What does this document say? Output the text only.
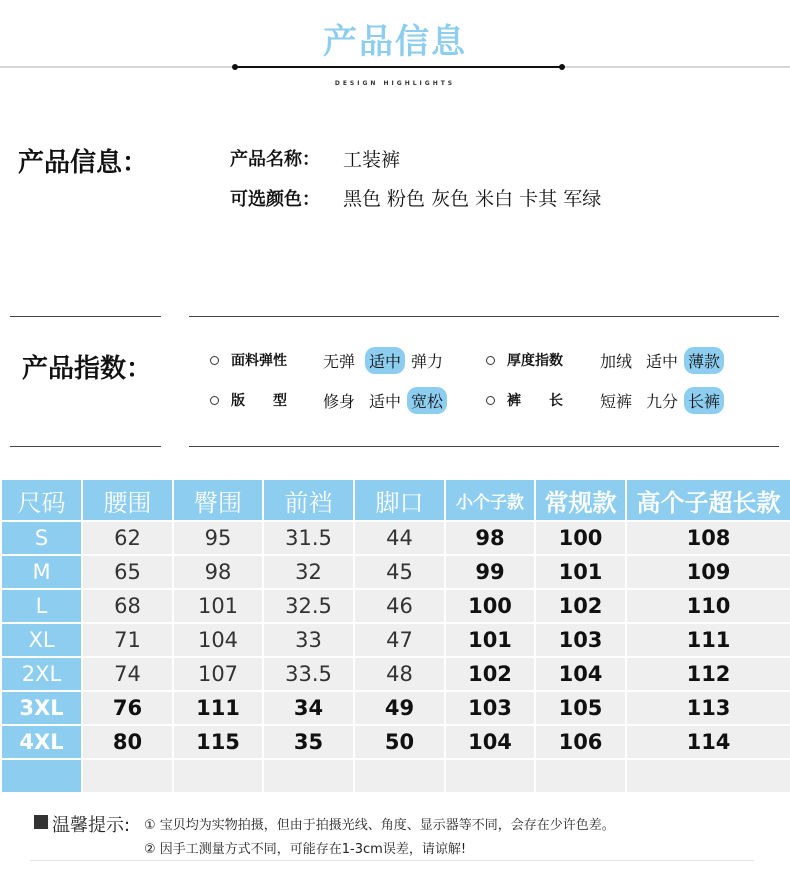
产品信息
DESIGN HIGHLIGHTS
产品信息：	产品名称： 工装裤
可选颜色： 黑色 粉色 灰色 米白 卡其 军绿
产品指数：	面料弹性 无弹 适中 弹力	厚度指数 加绒 适中 薄款
版　　型 修身 适中 宽松	裤　　长 短裤 九分 长裤
尺码	腰围	臀围	前裆	脚口	小个子款	常规款	高个子超长款
S	62	95	31.5	44	98	100	108
M	65	98	32	45	99	101	109
L	68	101	32.5	46	100	102	110
XL	71	104	33	47	101	103	111
2XL	74	107	33.5	48	102	104	112
3XL	76	111	34	49	103	105	113
4XL	80	115	35	50	104	106	114

温馨提示: ① 宝贝均为实物拍摄，但由于拍摄光线、角度、显示器等不同，会存在少许色差。
② 因手工测量方式不同，可能存在1-3cm误差，请谅解!
